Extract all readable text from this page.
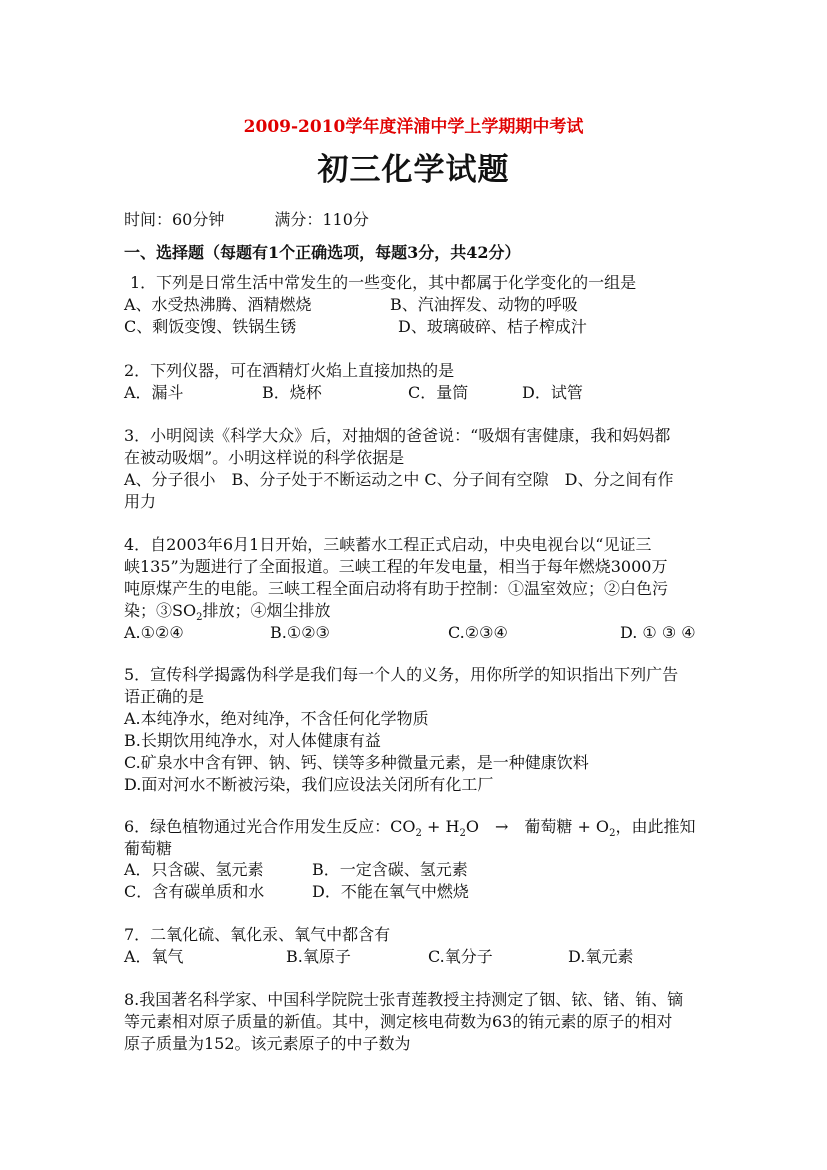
2009-2010学年度洋浦中学上学期期中考试
初三化学试题
时间：60分钟	满分：110分
一、选择题（每题有1个正确选项，每题3分，共42分）
1．下列是日常生活中常发生的一些变化，其中都属于化学变化的一组是
A、水受热沸腾、酒精燃烧	B、汽油挥发、动物的呼吸
C、剩饭变馊、铁锅生锈	D、玻璃破碎、桔子榨成汁
2．下列仪器，可在酒精灯火焰上直接加热的是
A．漏斗	B．烧杯	C．量筒	D．试管
3．小明阅读《科学大众》后，对抽烟的爸爸说：“吸烟有害健康，我和妈妈都
在被动吸烟”。小明这样说的科学依据是
A、分子很小　B、分子处于不断运动之中 C、分子间有空隙　D、分之间有作
用力
4．自2003年6月1日开始，三峡蓄水工程正式启动，中央电视台以“见证三
峡135”为题进行了全面报道。三峡工程的年发电量，相当于每年燃烧3000万
吨原煤产生的电能。三峡工程全面启动将有助于控制：①温室效应；②白色污
染；$③SO_2$排放；④烟尘排放
A.①②④	B.①②③	C.②③④	D. ① ③ ④
5．宣传科学揭露伪科学是我们每一个人的义务，用你所学的知识指出下列广告
语正确的是
A.本纯净水，绝对纯净，不含任何化学物质
B.长期饮用纯净水，对人体健康有益
C.矿泉水中含有钾、钠、钙、镁等多种微量元素，是一种健康饮料
D.面对河水不断被污染，我们应设法关闭所有化工厂
6．绿色植物通过光合作用发生反应：$CO_2 + H_2O$　→　葡萄糖 + $O_2$，由此推知
葡萄糖
A．只含碳、氢元素	B．一定含碳、氢元素
C．含有碳单质和水	D．不能在氧气中燃烧
7．二氧化硫、氧化汞、氧气中都含有
A．氧气	B.氧原子	C.氧分子	D.氧元素
8.我国著名科学家、中国科学院院士张青莲教授主持测定了铟、铱、锗、铕、镝
等元素相对原子质量的新值。其中，测定核电荷数为63的铕元素的原子的相对
原子质量为152。该元素原子的中子数为
